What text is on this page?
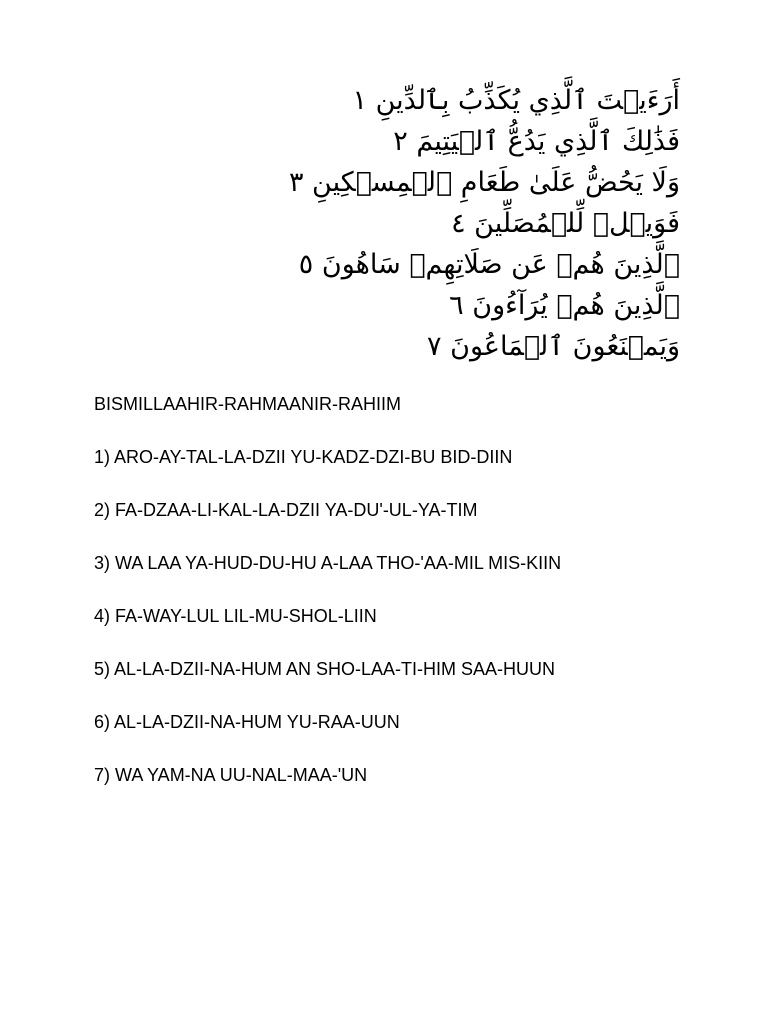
أَرَءَيۡتَ ٱلَّذِي يُكَذِّبُ بِٱلدِّينِ ١
فَذَٰلِكَ ٱلَّذِي يَدُعُّ ٱلۡيَتِيمَ ٢
وَلَا يَحُضُّ عَلَىٰ طَعَامِ ٱلۡمِسۡكِينِ ٣
فَوَيۡلٞ لِّلۡمُصَلِّينَ ٤
ٱلَّذِينَ هُمۡ عَن صَلَاتِهِمۡ سَاهُونَ ٥
ٱلَّذِينَ هُمۡ يُرَآءُونَ ٦
وَيَمۡنَعُونَ ٱلۡمَاعُونَ ٧
BISMILLAAHIR-RAHMAANIR-RAHIIM
1) ARO-AY-TAL-LA-DZII YU-KADZ-DZI-BU BID-DIIN
2) FA-DZAA-LI-KAL-LA-DZII YA-DU'-UL-YA-TIM
3) WA LAA YA-HUD-DU-HU A-LAA THO-'AA-MIL MIS-KIIN
4) FA-WAY-LUL LIL-MU-SHOL-LIIN
5) AL-LA-DZII-NA-HUM AN SHO-LAA-TI-HIM SAA-HUUN
6) AL-LA-DZII-NA-HUM YU-RAA-UUN
7) WA YAM-NA UU-NAL-MAA-'UN
